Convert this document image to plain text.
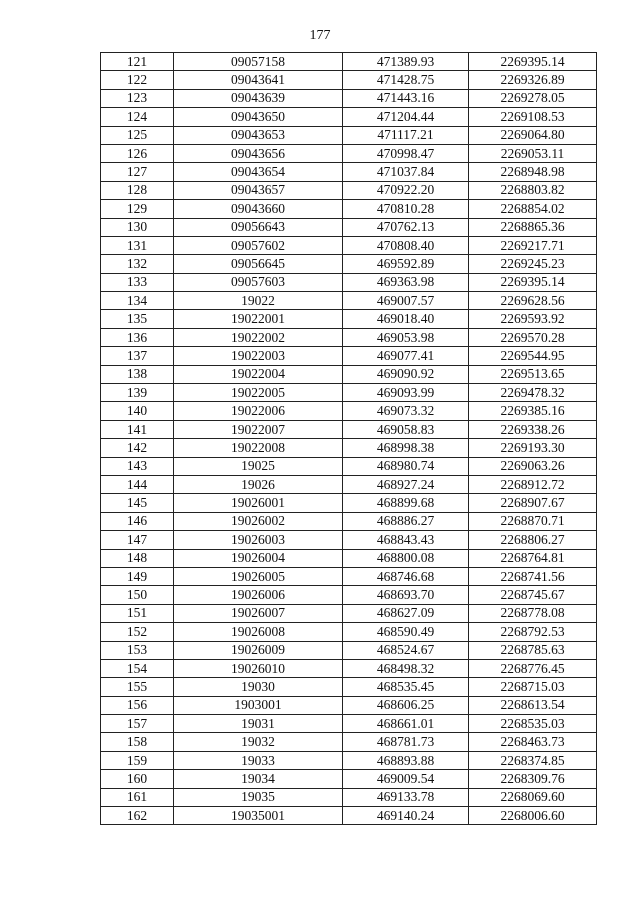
177
121	09057158	471389.93	2269395.14
122	09043641	471428.75	2269326.89
123	09043639	471443.16	2269278.05
124	09043650	471204.44	2269108.53
125	09043653	471117.21	2269064.80
126	09043656	470998.47	2269053.11
127	09043654	471037.84	2268948.98
128	09043657	470922.20	2268803.82
129	09043660	470810.28	2268854.02
130	09056643	470762.13	2268865.36
131	09057602	470808.40	2269217.71
132	09056645	469592.89	2269245.23
133	09057603	469363.98	2269395.14
134	19022	469007.57	2269628.56
135	19022001	469018.40	2269593.92
136	19022002	469053.98	2269570.28
137	19022003	469077.41	2269544.95
138	19022004	469090.92	2269513.65
139	19022005	469093.99	2269478.32
140	19022006	469073.32	2269385.16
141	19022007	469058.83	2269338.26
142	19022008	468998.38	2269193.30
143	19025	468980.74	2269063.26
144	19026	468927.24	2268912.72
145	19026001	468899.68	2268907.67
146	19026002	468886.27	2268870.71
147	19026003	468843.43	2268806.27
148	19026004	468800.08	2268764.81
149	19026005	468746.68	2268741.56
150	19026006	468693.70	2268745.67
151	19026007	468627.09	2268778.08
152	19026008	468590.49	2268792.53
153	19026009	468524.67	2268785.63
154	19026010	468498.32	2268776.45
155	19030	468535.45	2268715.03
156	1903001	468606.25	2268613.54
157	19031	468661.01	2268535.03
158	19032	468781.73	2268463.73
159	19033	468893.88	2268374.85
160	19034	469009.54	2268309.76
161	19035	469133.78	2268069.60
162	19035001	469140.24	2268006.60
